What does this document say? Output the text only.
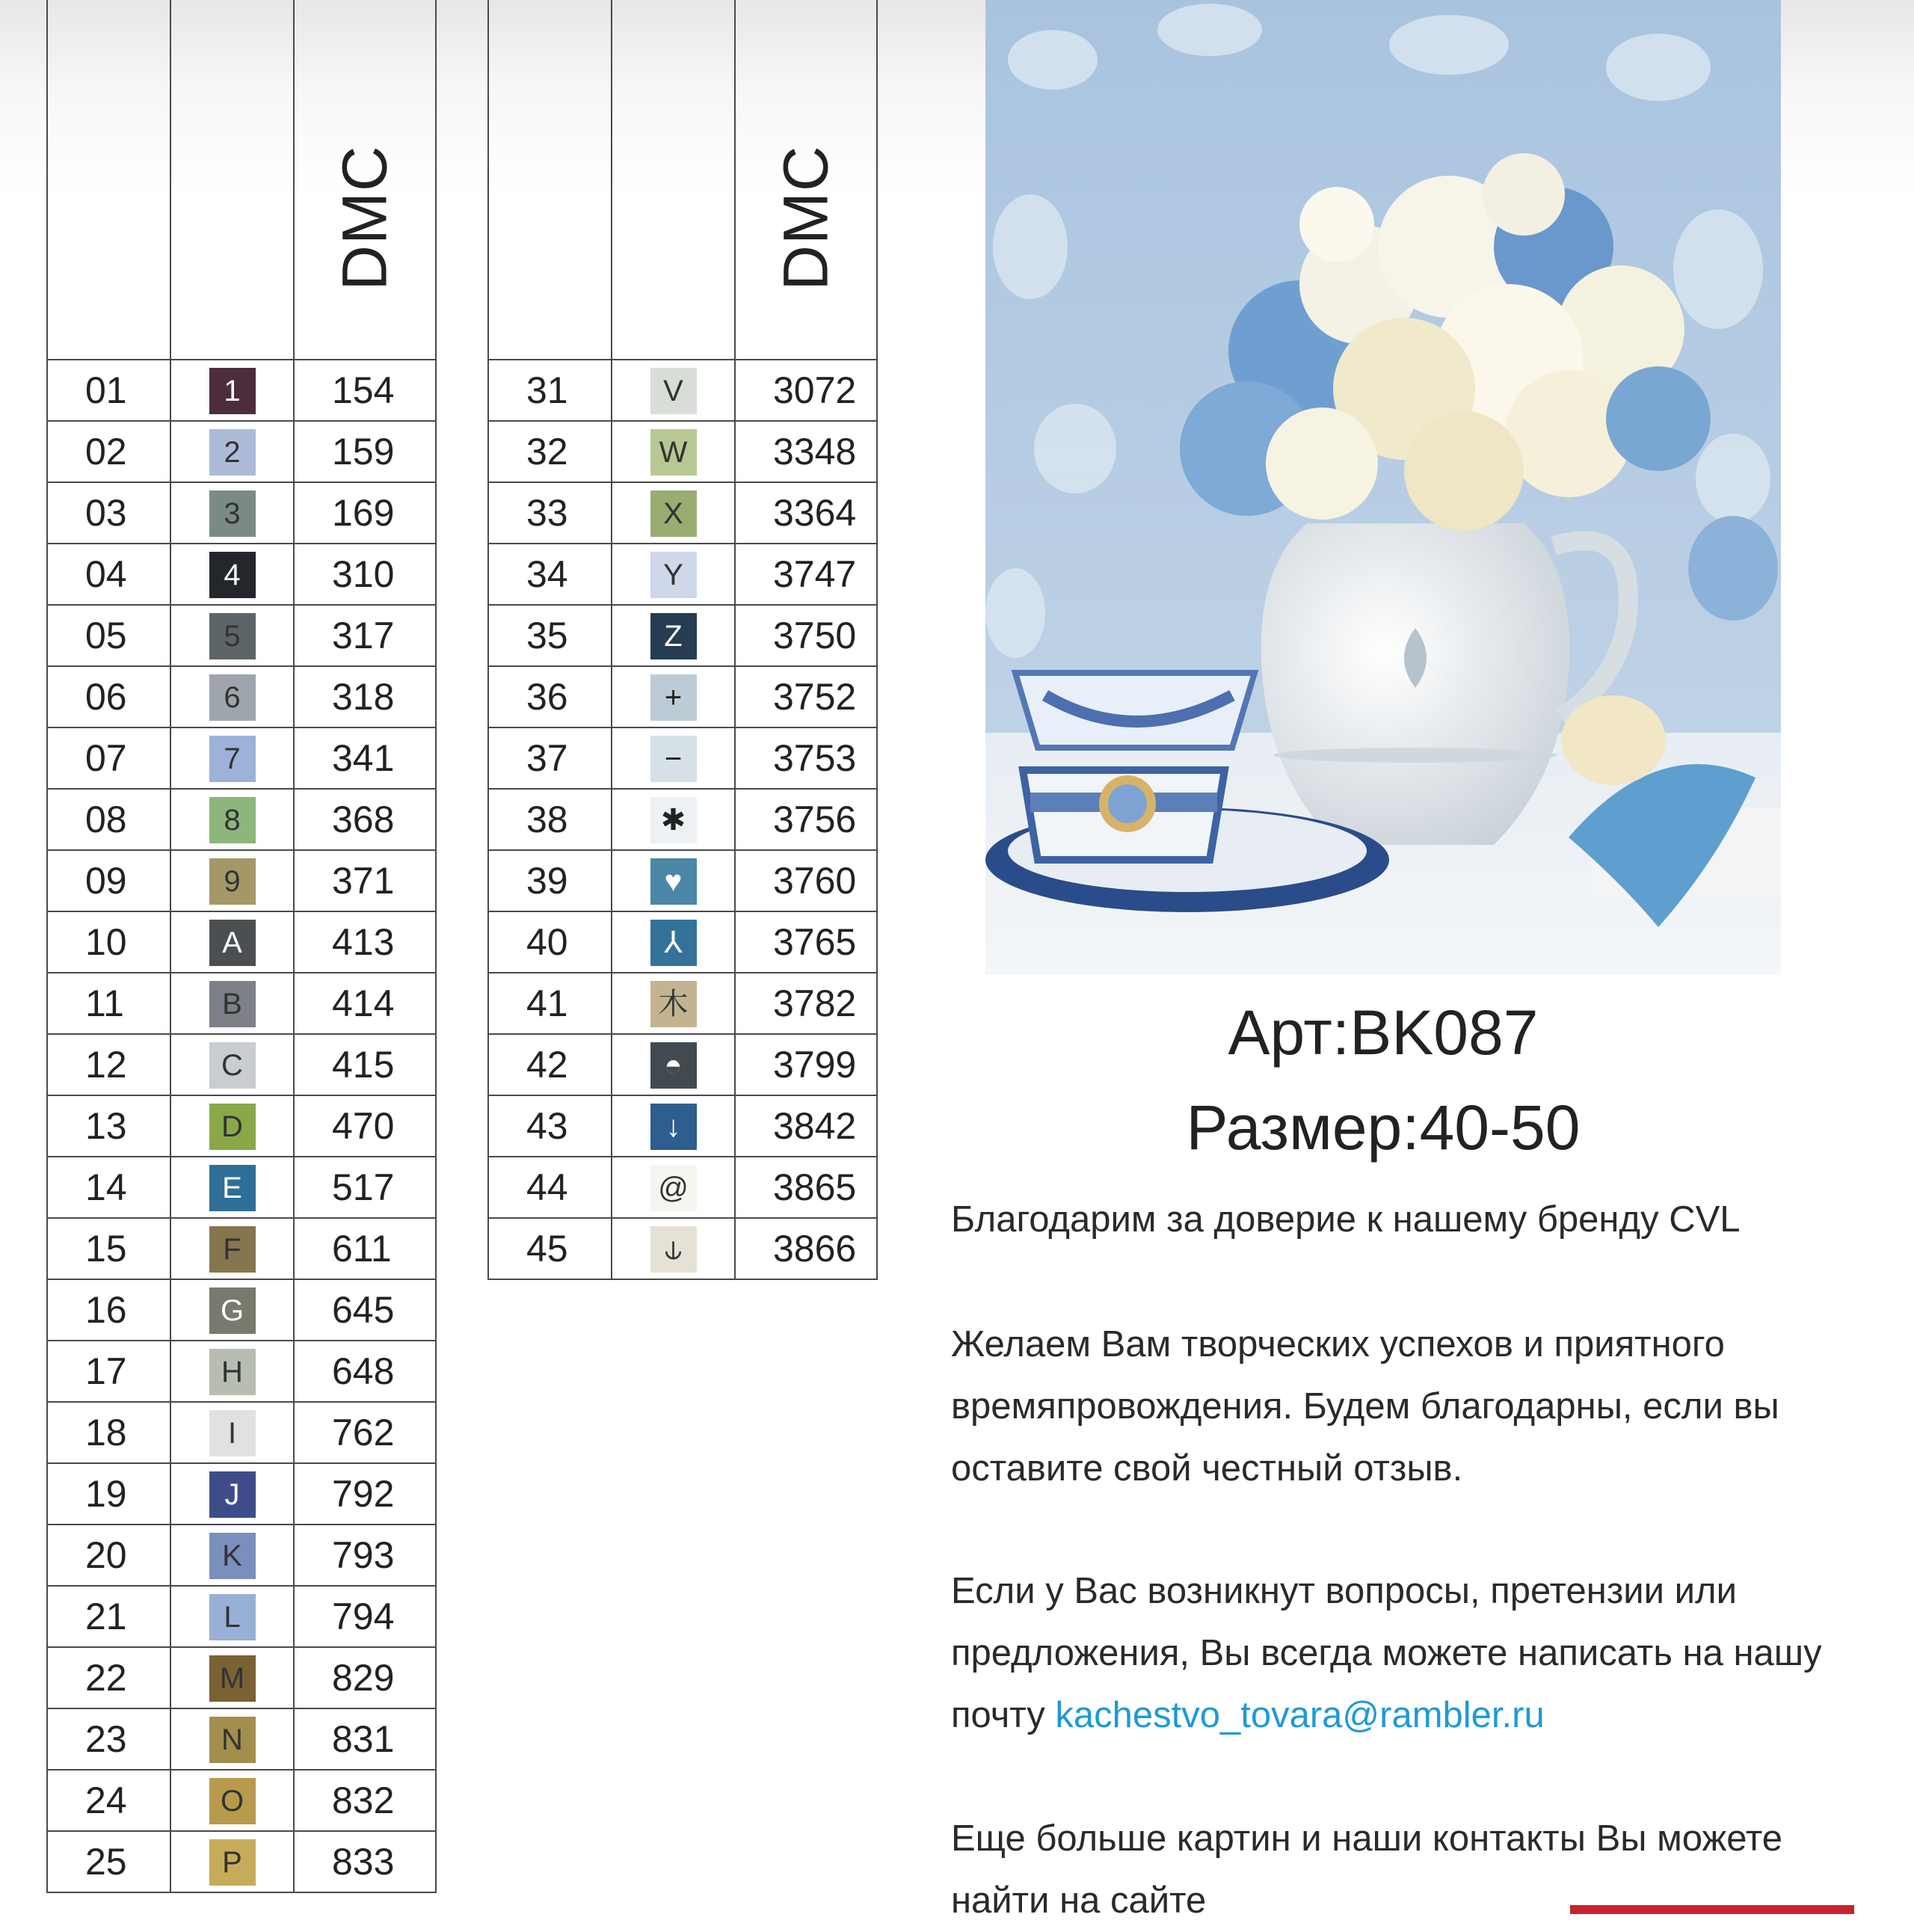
DMC

01	1	154
02	2	159
03	3	169
04	4	310
05	5	317
06	6	318
07	7	341
08	8	368
09	9	371
10	A	413
11	B	414
12	C	415
13	D	470
14	E	517
15	F	611
16	G	645
17	H	648
18	I	762
19	J	792
20	K	793
21	L	794
22	M	829
23	N	831
24	O	832
25	P	833

DMC

31	V	3072
32	W	3348
33	X	3364
34	Y	3747
35	Z	3750
36	+	3752
37	−	3753
38	✱	3756
39	♥	3760
40	⅄	3765
41	⽊	3782
42	◓	3799
43	↓	3842
44	@	3865
45	⫝	3866
Арт:BK087
Размер:40-50
Благодарим за доверие к нашему бренду CVL
Желаем Вам творческих успехов и приятного времяпровождения. Будем благодарны, если вы оставите свой честный отзыв.
Если у Вас возникнут вопросы, претензии или предложения, Вы всегда можете написать на нашу почту kachestvo_tovara@rambler.ru
Еще больше картин и наши контакты Вы можете найти на сайте
